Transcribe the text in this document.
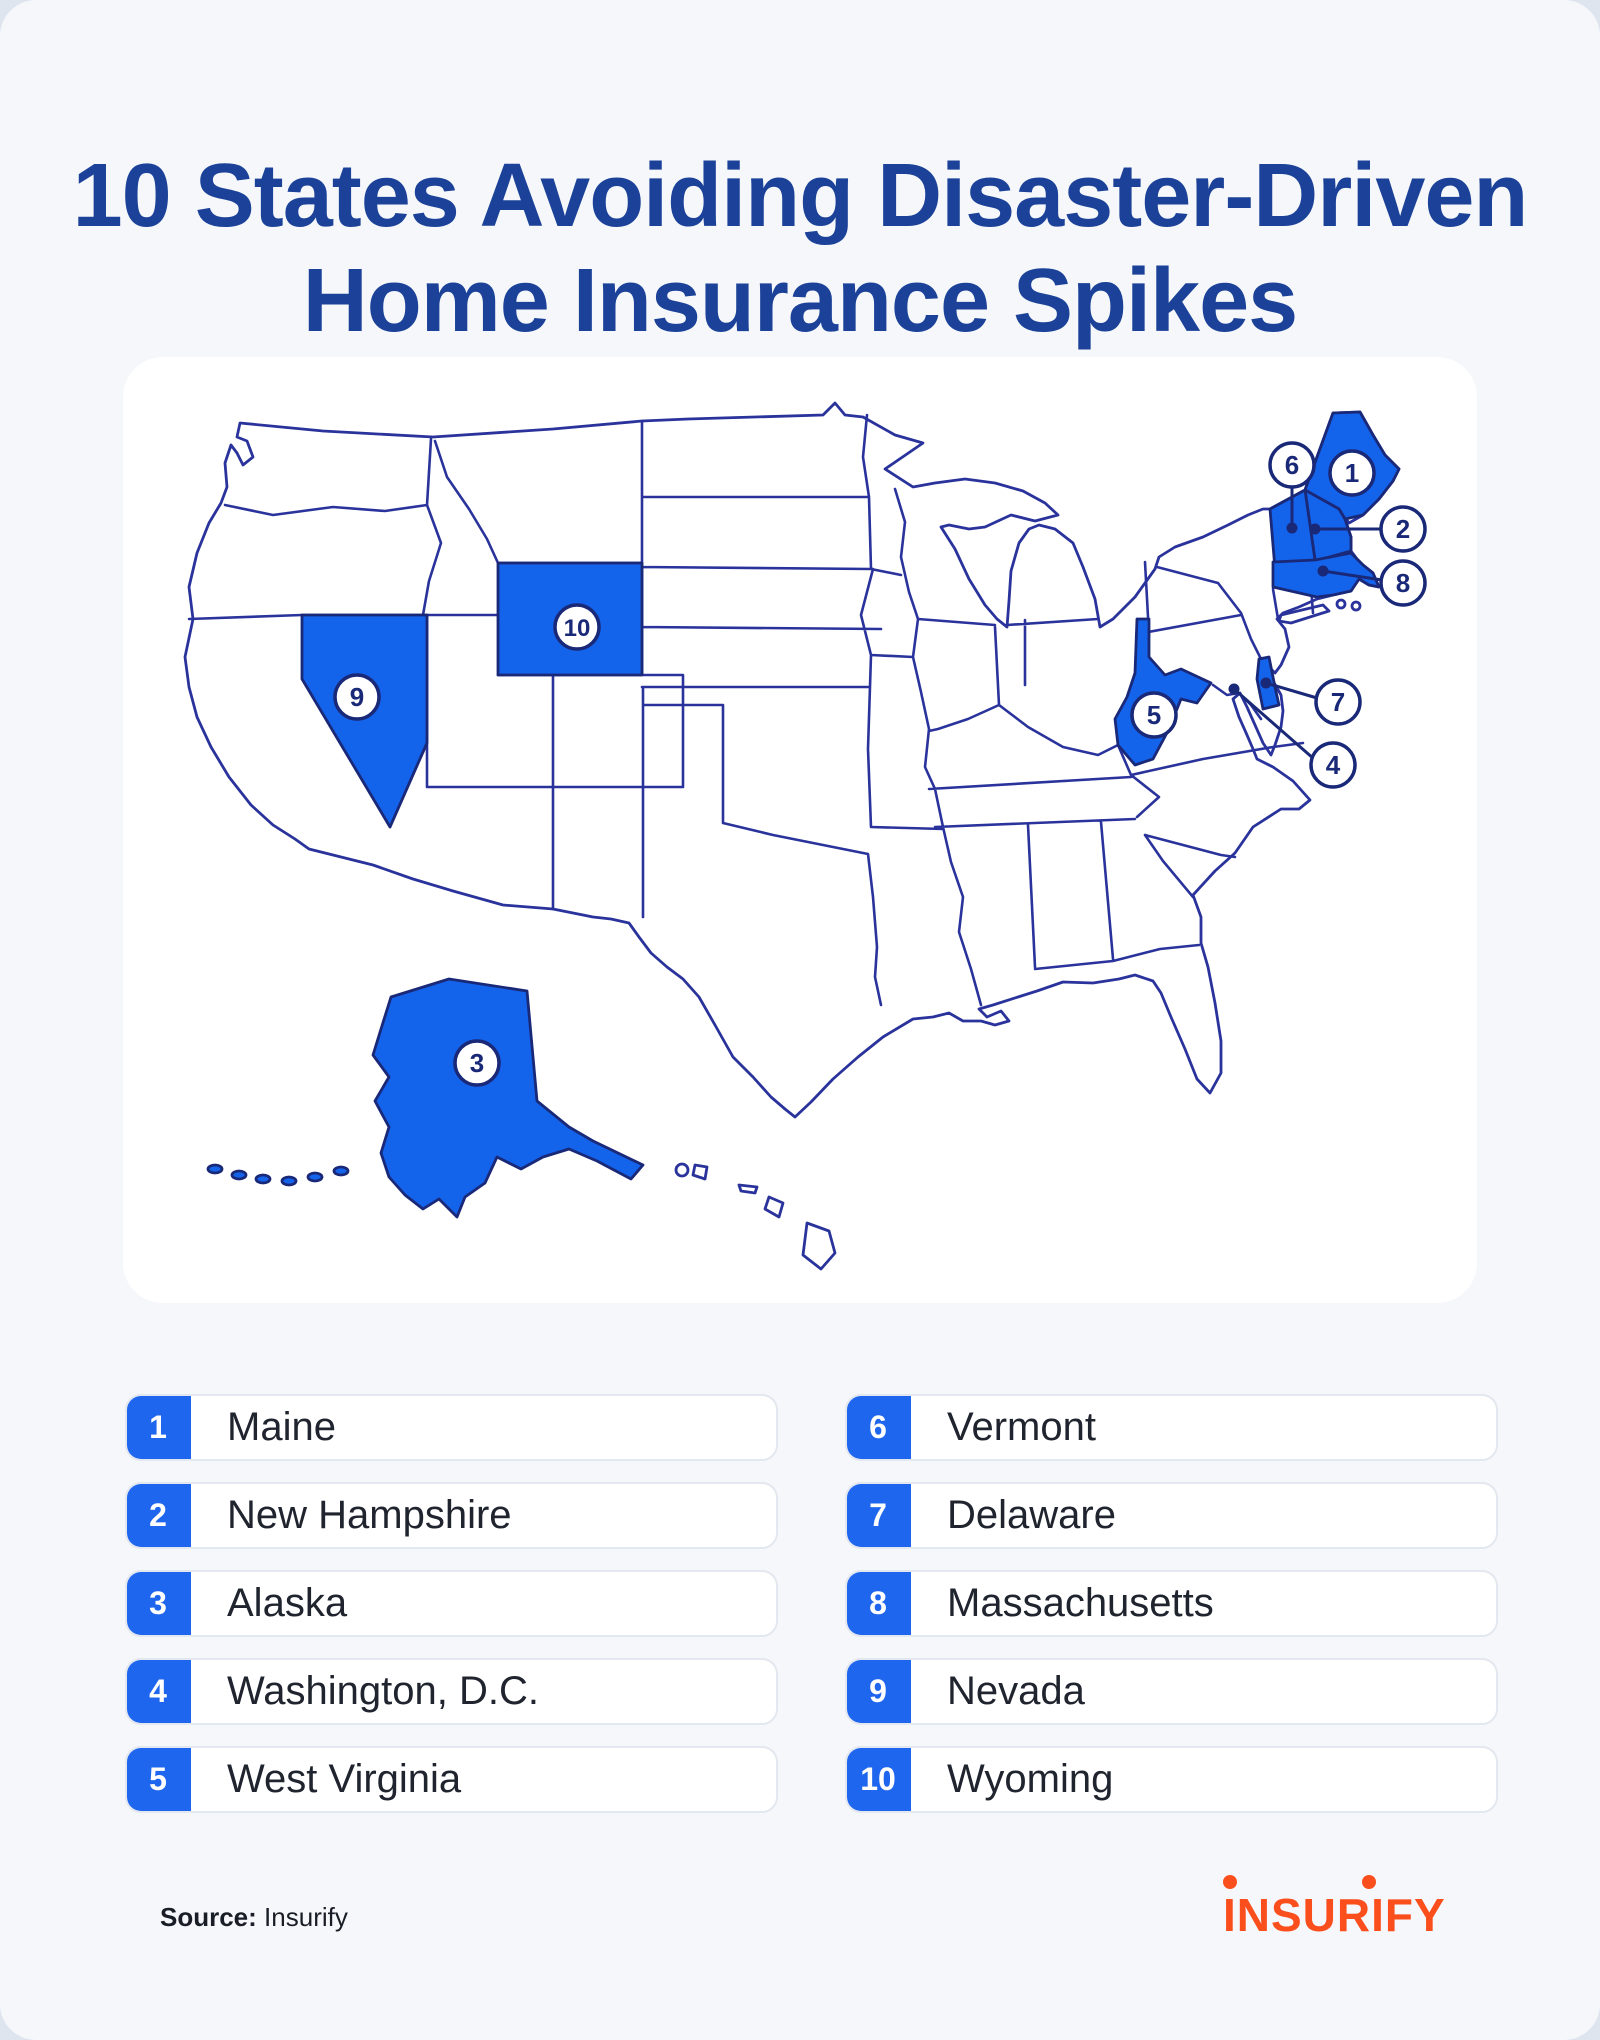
10 States Avoiding Disaster-Driven Home Insurance Spikes
1
2
3
4
5
6
7
8
9
10
1	Maine
2	New Hampshire
3	Alaska
4	Washington, D.C.
5	West Virginia
6	Vermont
7	Delaware
8	Massachusetts
9	Nevada
10	Wyoming
Source: Insurify	INSURIFY
